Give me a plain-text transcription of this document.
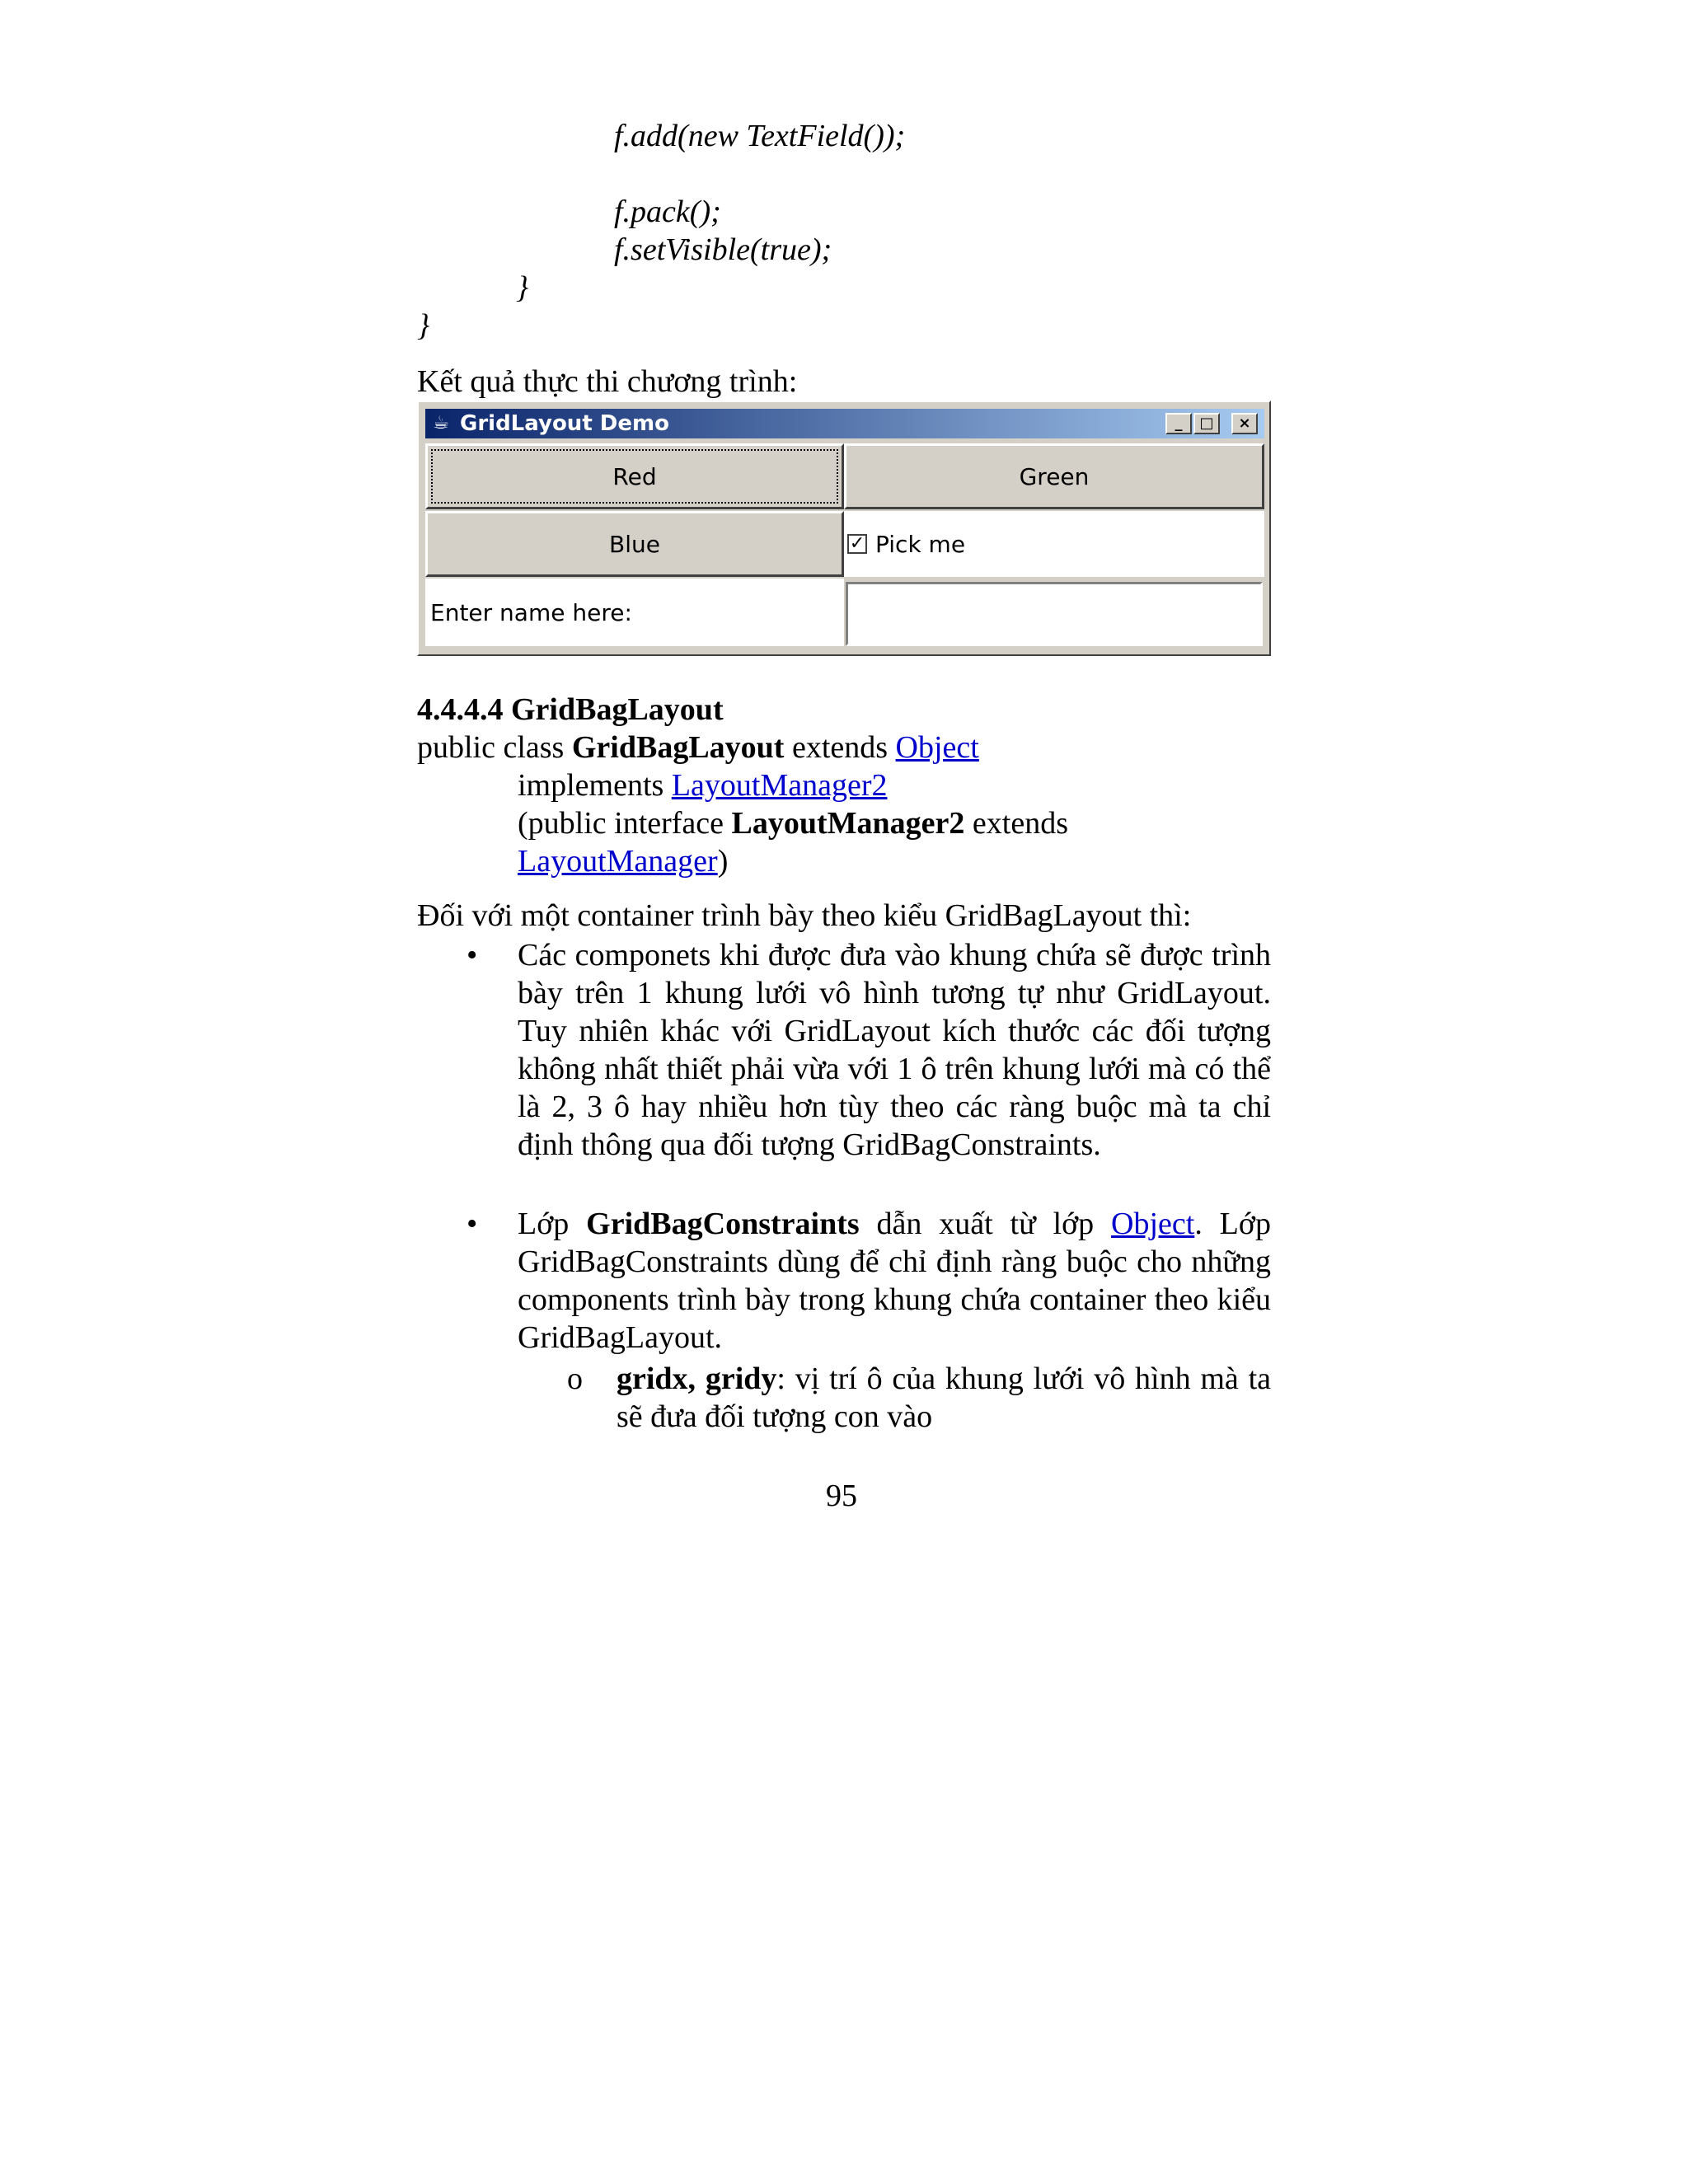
f.add(new TextField());
f.pack();
f.setVisible(true);
}
}
Kết quả thực thi chương trình:
☕ GridLayout Demo	_	□	×
Red	Green
Blue	✓ Pick me
Enter name here:
4.4.4.4 GridBagLayout
public class GridBagLayout extends Object
implements LayoutManager2
(public interface LayoutManager2 extends
LayoutManager)
Đối với một container trình bày theo kiểu GridBagLayout thì:
• Các componets khi được đưa vào khung chứa sẽ được trình bày trên 1 khung lưới vô hình tương tự như GridLayout. Tuy nhiên khác với GridLayout kích thước các đối tượng không nhất thiết phải vừa với 1 ô trên khung lưới mà có thể là 2, 3 ô hay nhiều hơn tùy theo các ràng buộc mà ta chỉ định thông qua đối tượng GridBagConstraints.
• Lớp GridBagConstraints dẫn xuất từ lớp Object. Lớp GridBagConstraints dùng để chỉ định ràng buộc cho những components trình bày trong khung chứa container theo kiểu GridBagLayout.
o gridx, gridy: vị trí ô của khung lưới vô hình mà ta sẽ đưa đối tượng con vào
95
